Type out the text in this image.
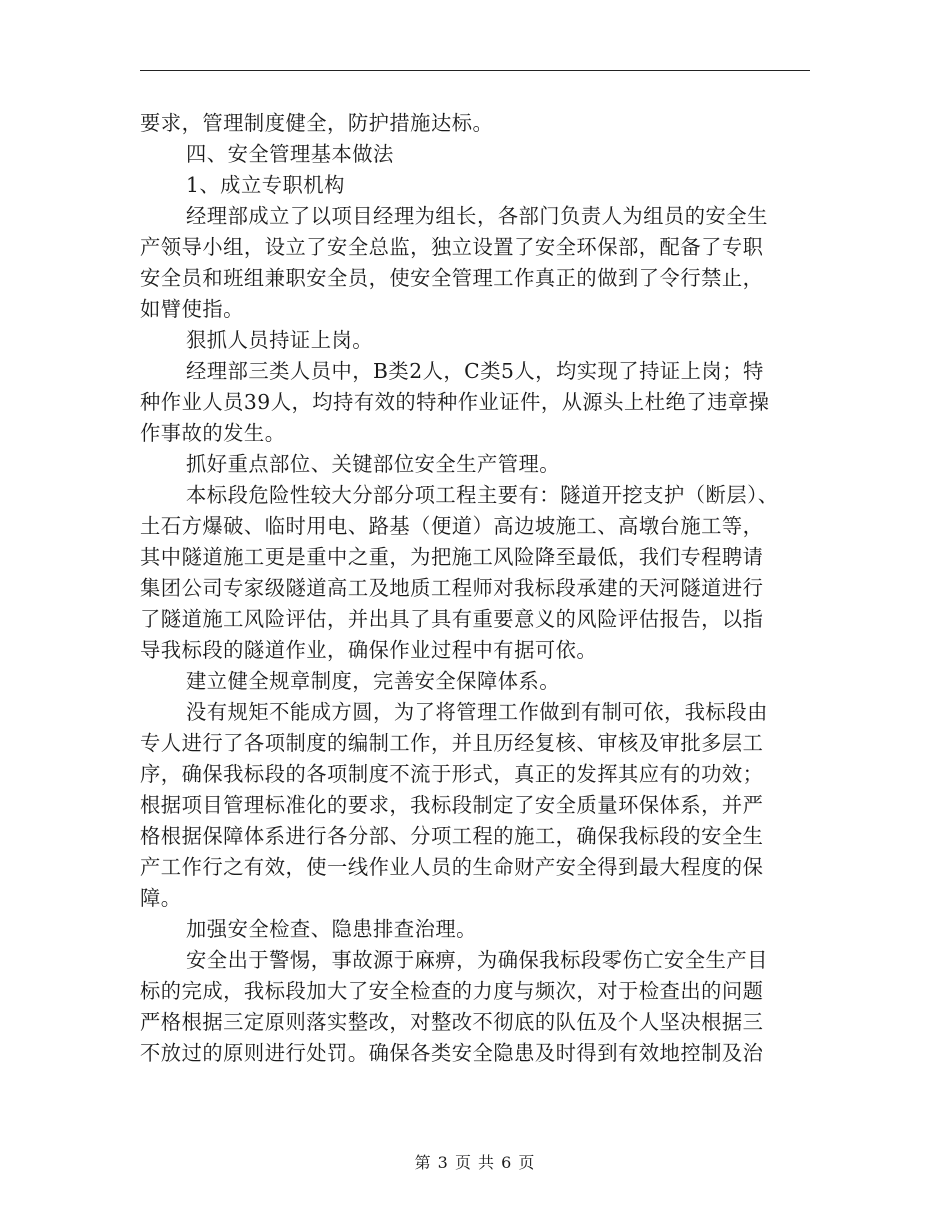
要求，管理制度健全，防护措施达标。
四、安全管理基本做法
1、成立专职机构
经理部成立了以项目经理为组长，各部门负责人为组员的安全生
产领导小组，设立了安全总监，独立设置了安全环保部，配备了专职
安全员和班组兼职安全员，使安全管理工作真正的做到了令行禁止，
如臂使指。
狠抓人员持证上岗。
经理部三类人员中，B类2人，C类5人，均实现了持证上岗；特
种作业人员39人，均持有效的特种作业证件，从源头上杜绝了违章操
作事故的发生。
抓好重点部位、关键部位安全生产管理。
本标段危险性较大分部分项工程主要有：隧道开挖支护（断层）、
土石方爆破、临时用电、路基（便道）高边坡施工、高墩台施工等，
其中隧道施工更是重中之重，为把施工风险降至最低，我们专程聘请
集团公司专家级隧道高工及地质工程师对我标段承建的天河隧道进行
了隧道施工风险评估，并出具了具有重要意义的风险评估报告，以指
导我标段的隧道作业，确保作业过程中有据可依。
建立健全规章制度，完善安全保障体系。
没有规矩不能成方圆，为了将管理工作做到有制可依，我标段由
专人进行了各项制度的编制工作，并且历经复核、审核及审批多层工
序，确保我标段的各项制度不流于形式，真正的发挥其应有的功效；
根据项目管理标准化的要求，我标段制定了安全质量环保体系，并严
格根据保障体系进行各分部、分项工程的施工，确保我标段的安全生
产工作行之有效，使一线作业人员的生命财产安全得到最大程度的保
障。
加强安全检查、隐患排查治理。
安全出于警惕，事故源于麻痹，为确保我标段零伤亡安全生产目
标的完成，我标段加大了安全检查的力度与频次，对于检查出的问题
严格根据三定原则落实整改，对整改不彻底的队伍及个人坚决根据三
不放过的原则进行处罚。确保各类安全隐患及时得到有效地控制及治
第 3 页 共 6 页
